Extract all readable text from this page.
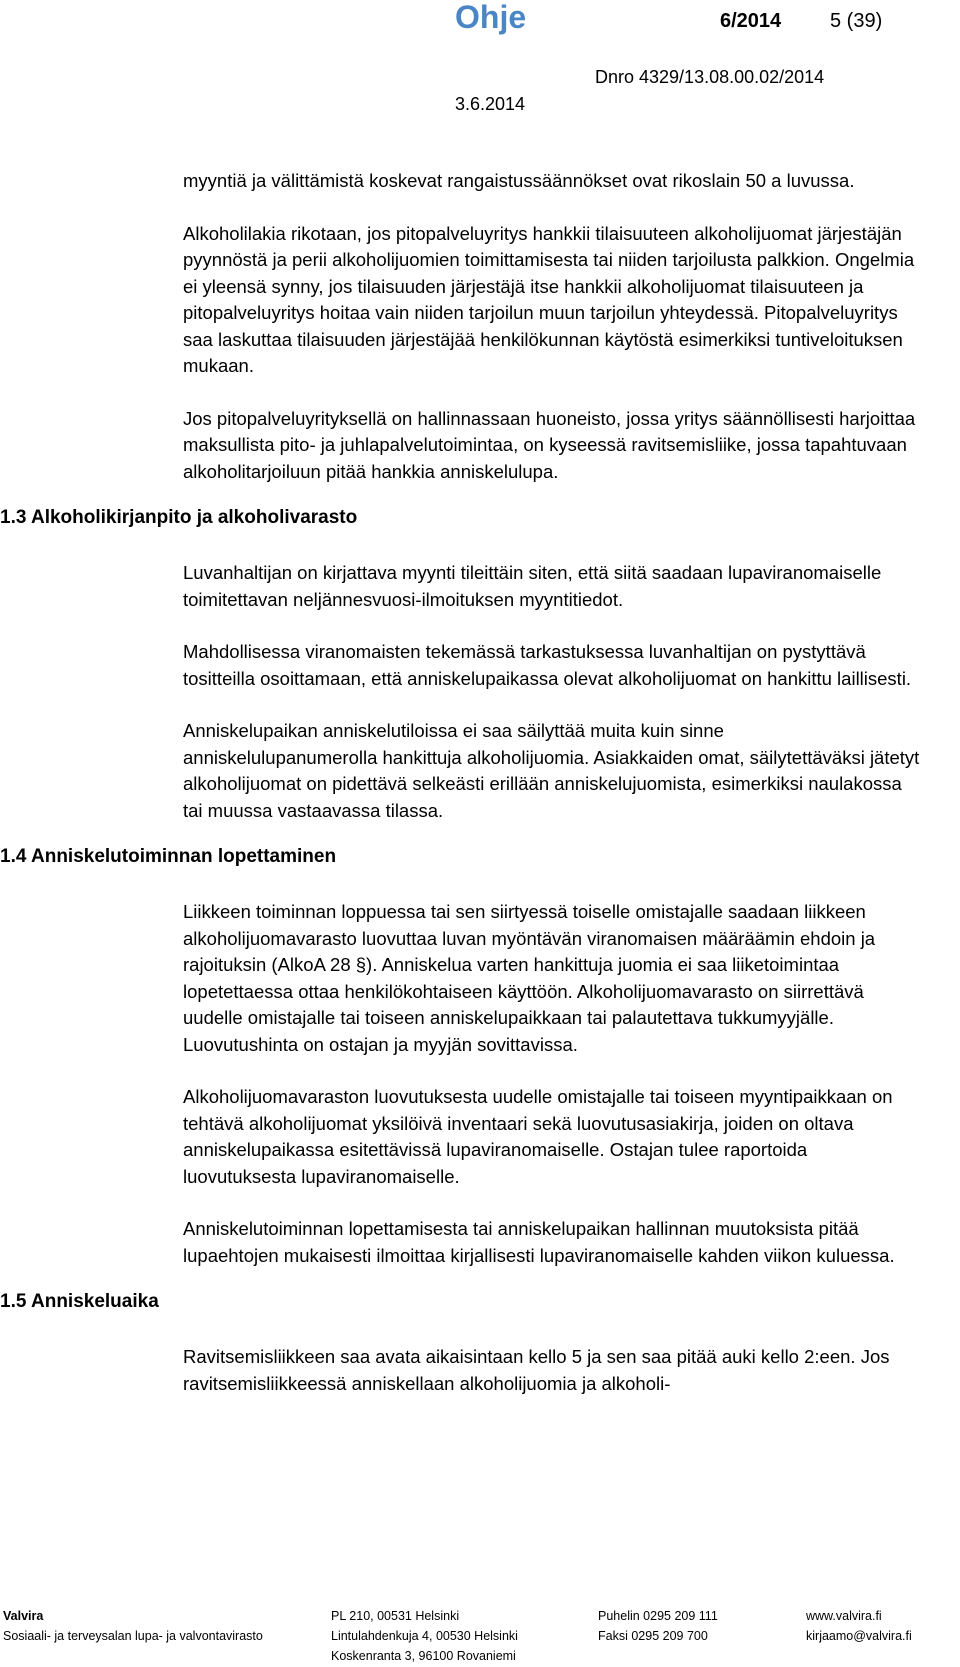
Ohje	6/2014 5 (39)
Dnro 4329/13.08.00.02/2014
3.6.2014

myyntiä ja välittämistä koskevat rangaistussäännökset ovat rikoslain 50 a luvussa.

Alkoholilakia rikotaan, jos pitopalveluyritys hankkii tilaisuuteen alkoholijuomat järjestäjän pyynnöstä ja perii alkoholijuomien toimittamisesta tai niiden tarjoilusta palkkion. Ongelmia ei yleensä synny, jos tilaisuuden järjestäjä itse hankkii alkoholijuomat tilaisuuteen ja pitopalveluyritys hoitaa vain niiden tarjoilun muun tarjoilun yhteydessä. Pitopalveluyritys saa laskuttaa tilaisuuden järjestäjää henkilökunnan käytöstä esimerkiksi tuntiveloituksen mukaan.

Jos pitopalveluyrityksellä on hallinnassaan huoneisto, jossa yritys säännöllisesti harjoittaa maksullista pito- ja juhlapalvelutoimintaa, on kyseessä ravitsemisliike, jossa tapahtuvaan alkoholitarjoiluun pitää hankkia anniskelulupa.

1.3 Alkoholikirjanpito ja alkoholivarasto

Luvanhaltijan on kirjattava myynti tileittäin siten, että siitä saadaan lupaviranomaiselle toimitettavan neljännesvuosi-ilmoituksen myyntitiedot.

Mahdollisessa viranomaisten tekemässä tarkastuksessa luvanhaltijan on pystyttävä tositteilla osoittamaan, että anniskelupaikassa olevat alkoholijuomat on hankittu laillisesti.

Anniskelupaikan anniskelutiloissa ei saa säilyttää muita kuin sinne anniskelulupanumerolla hankittuja alkoholijuomia. Asiakkaiden omat, säilytettäväksi jätetyt alkoholijuomat on pidettävä selkeästi erillään anniskelujuomista, esimerkiksi naulakossa tai muussa vastaavassa tilassa.

1.4 Anniskelutoiminnan lopettaminen

Liikkeen toiminnan loppuessa tai sen siirtyessä toiselle omistajalle saadaan liikkeen alkoholijuomavarasto luovuttaa luvan myöntävän viranomaisen määräämin ehdoin ja rajoituksin (AlkoA 28 §). Anniskelua varten hankittuja juomia ei saa liiketoimintaa lopetettaessa ottaa henkilökohtaiseen käyttöön. Alkoholijuomavarasto on siirrettävä uudelle omistajalle tai toiseen anniskelupaikkaan tai palautettava tukkumyyjälle. Luovutushinta on ostajan ja myyjän sovittavissa.

Alkoholijuomavaraston luovutuksesta uudelle omistajalle tai toiseen myyntipaikkaan on tehtävä alkoholijuomat yksilöivä inventaari sekä luovutusasiakirja, joiden on oltava anniskelupaikassa esitettävissä lupaviranomaiselle. Ostajan tulee raportoida luovutuksesta lupaviranomaiselle.

Anniskelutoiminnan lopettamisesta tai anniskelupaikan hallinnan muutoksista pitää lupaehtojen mukaisesti ilmoittaa kirjallisesti lupaviranomaiselle kahden viikon kuluessa.

1.5 Anniskeluaika

Ravitsemisliikkeen saa avata aikaisintaan kello 5 ja sen saa pitää auki kello 2:een. Jos ravitsemisliikkeessä anniskellaan alkoholijuomia ja alkoholi-

Valvira
Sosiaali- ja terveysalan lupa- ja valvontavirasto
PL 210, 00531 Helsinki
Lintulahdenkuja 4, 00530 Helsinki
Koskenranta 3, 96100 Rovaniemi
Puhelin 0295 209 111
Faksi 0295 209 700
www.valvira.fi
kirjaamo@valvira.fi
